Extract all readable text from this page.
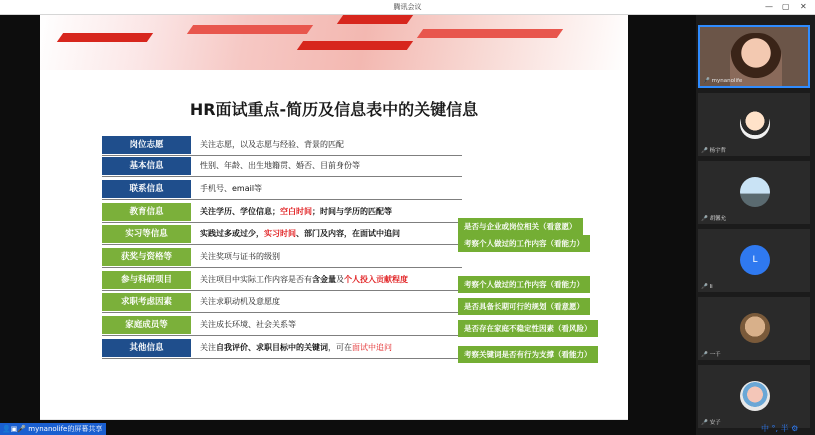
腾讯会议	— ▢ ✕
HR面试重点-简历及信息表中的关键信息
岗位志愿	关注志愿，以及志愿与经验、背景的匹配
基本信息	性别、年龄、出生地籍贯、婚否、目前身份等
联系信息	手机号、email等
教育信息	关注学历、学位信息；空白时间；时间与学历的匹配等
实习等信息	实践过多或过少，实习时间、部门及内容，在面试中追问
获奖与资格等	关注奖项与证书的级别
参与科研项目	关注项目中实际工作内容是否有含金量及个人投入贡献程度
求职考虑因素	关注求职动机及意愿度
家庭成员等	关注成长环境、社会关系等
其他信息	关注自我评价、求职目标中的关键词，可在面试中追问
是否与企业或岗位相关（看意愿）
考察个人做过的工作内容（看能力）
考察个人做过的工作内容（看能力）
是否具备长期可行的规划（看意愿）
是否存在家庭不稳定性因素（看风险）
考察关键词是否有行为支撑（看能力）
🎤 mynanolife
🎤 杨宇哲
🎤 胡馨允
L
🎤 li
🎤 一千
🎤 安子
👤▣🎤 mynanolife的屏幕共享	中 °, 半 ⚙
